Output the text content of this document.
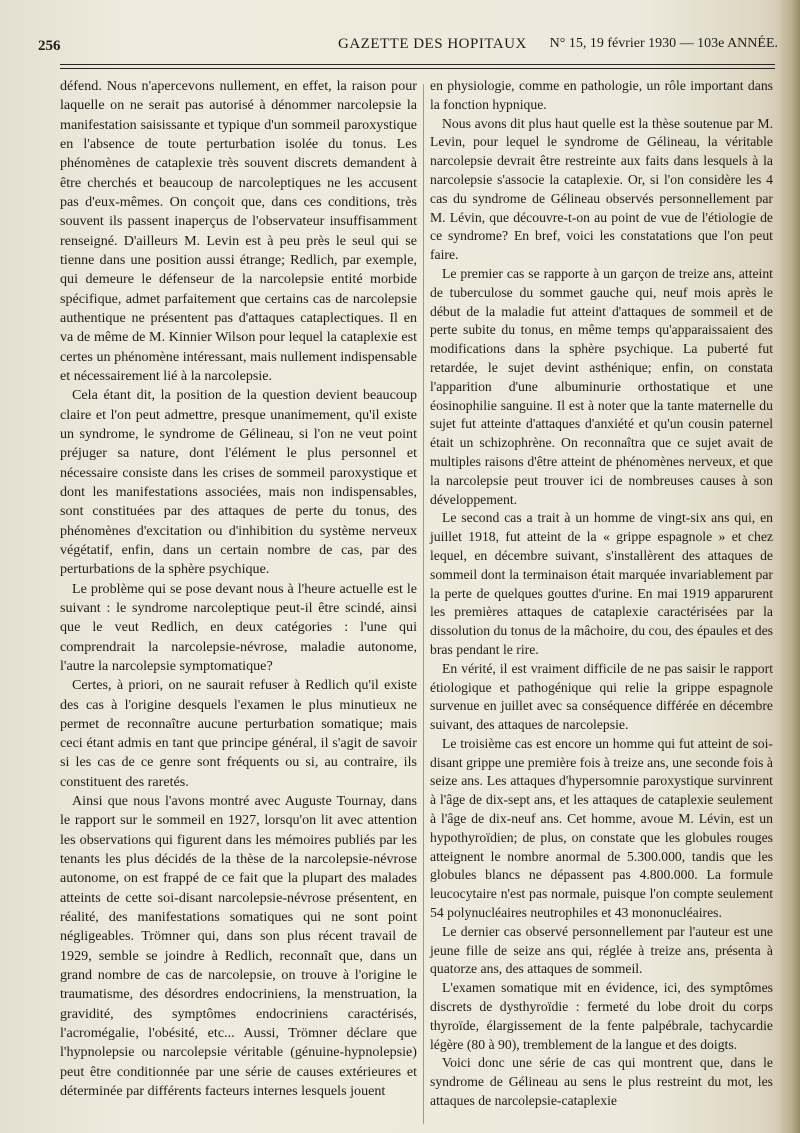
256	GAZETTE DES HOPITAUX N° 15, 19 février 1930 — 103e ANNÉE.

défend. Nous n'apercevons nullement, en effet, la raison pour laquelle on ne serait pas autorisé à dénommer narcolepsie la manifestation saisissante et typique d'un sommeil paroxystique en l'absence de toute perturbation isolée du tonus. Les phénomènes de cataplexie très souvent discrets demandent à être cherchés et beaucoup de narcoleptiques ne les accusent pas d'eux-mêmes. On conçoit que, dans ces conditions, très souvent ils passent inaperçus de l'observateur insuffisamment renseigné. D'ailleurs M. Levin est à peu près le seul qui se tienne dans une position aussi étrange; Redlich, par exemple, qui demeure le défenseur de la narcolepsie entité morbide spécifique, admet parfaitement que certains cas de narcolepsie authentique ne présentent pas d'attaques cataplectiques. Il en va de même de M. Kinnier Wilson pour lequel la cataplexie est certes un phénomène intéressant, mais nullement indispensable et nécessairement lié à la narcolepsie.

Cela étant dit, la position de la question devient beaucoup claire et l'on peut admettre, presque unanimement, qu'il existe un syndrome, le syndrome de Gélineau, si l'on ne veut point préjuger sa nature, dont l'élément le plus personnel et nécessaire consiste dans les crises de sommeil paroxystique et dont les manifestations associées, mais non indispensables, sont constituées par des attaques de perte du tonus, des phénomènes d'excitation ou d'inhibition du système nerveux végétatif, enfin, dans un certain nombre de cas, par des perturbations de la sphère psychique.

Le problème qui se pose devant nous à l'heure actuelle est le suivant : le syndrome narcoleptique peut-il être scindé, ainsi que le veut Redlich, en deux catégories : l'une qui comprendrait la narcolepsie-névrose, maladie autonome, l'autre la narcolepsie symptomatique?

Certes, à priori, on ne saurait refuser à Redlich qu'il existe des cas à l'origine desquels l'examen le plus minutieux ne permet de reconnaître aucune perturbation somatique; mais ceci étant admis en tant que principe général, il s'agit de savoir si les cas de ce genre sont fréquents ou si, au contraire, ils constituent des raretés.

Ainsi que nous l'avons montré avec Auguste Tournay, dans le rapport sur le sommeil en 1927, lorsqu'on lit avec attention les observations qui figurent dans les mémoires publiés par les tenants les plus décidés de la thèse de la narcolepsie-névrose autonome, on est frappé de ce fait que la plupart des malades atteints de cette soi-disant narcolepsie-névrose présentent, en réalité, des manifestations somatiques qui ne sont point négligeables. Trömner qui, dans son plus récent travail de 1929, semble se joindre à Redlich, reconnaît que, dans un grand nombre de cas de narcolepsie, on trouve à l'origine le traumatisme, des désordres endocriniens, la menstruation, la gravidité, des symptômes endocriniens caractérisés, l'acromégalie, l'obésité, etc... Aussi, Trömner déclare que l'hypnolepsie ou narcolepsie véritable (génuine-hypnolepsie) peut être conditionnée par une série de causes extérieures et déterminée par différents facteurs internes lesquels jouent

en physiologie, comme en pathologie, un rôle important dans la fonction hypnique.

Nous avons dit plus haut quelle est la thèse soutenue par M. Levin, pour lequel le syndrome de Gélineau, la véritable narcolepsie devrait être restreinte aux faits dans lesquels à la narcolepsie s'associe la cataplexie. Or, si l'on considère les 4 cas du syndrome de Gélineau observés personnellement par M. Lévin, que découvre-t-on au point de vue de l'étiologie de ce syndrome? En bref, voici les constatations que l'on peut faire.

Le premier cas se rapporte à un garçon de treize ans, atteint de tuberculose du sommet gauche qui, neuf mois après le début de la maladie fut atteint d'attaques de sommeil et de perte subite du tonus, en même temps qu'apparaissaient des modifications dans la sphère psychique. La puberté fut retardée, le sujet devint asthénique; enfin, on constata l'apparition d'une albuminurie orthostatique et une éosinophilie sanguine. Il est à noter que la tante maternelle du sujet fut atteinte d'attaques d'anxiété et qu'un cousin paternel était un schizophrène. On reconnaîtra que ce sujet avait de multiples raisons d'être atteint de phénomènes nerveux, et que la narcolepsie peut trouver ici de nombreuses causes à son développement.

Le second cas a trait à un homme de vingt-six ans qui, en juillet 1918, fut atteint de la « grippe espagnole » et chez lequel, en décembre suivant, s'installèrent des attaques de sommeil dont la terminaison était marquée invariablement par la perte de quelques gouttes d'urine. En mai 1919 apparurent les premières attaques de cataplexie caractérisées par la dissolution du tonus de la mâchoire, du cou, des épaules et des bras pendant le rire.

En vérité, il est vraiment difficile de ne pas saisir le rapport étiologique et pathogénique qui relie la grippe espagnole survenue en juillet avec sa conséquence différée en décembre suivant, des attaques de narcolepsie.

Le troisième cas est encore un homme qui fut atteint de soi-disant grippe une première fois à treize ans, une seconde fois à seize ans. Les attaques d'hypersomnie paroxystique survinrent à l'âge de dix-sept ans, et les attaques de cataplexie seulement à l'âge de dix-neuf ans. Cet homme, avoue M. Lévin, est un hypothyroïdien; de plus, on constate que les globules rouges atteignent le nombre anormal de 5.300.000, tandis que les globules blancs ne dépassent pas 4.800.000. La formule leucocytaire n'est pas normale, puisque l'on compte seulement 54 polynucléaires neutrophiles et 43 mononucléaires.

Le dernier cas observé personnellement par l'auteur est une jeune fille de seize ans qui, réglée à treize ans, présenta à quatorze ans, des attaques de sommeil.

L'examen somatique mit en évidence, ici, des symptômes discrets de dysthyroïdie : fermeté du lobe droit du corps thyroïde, élargissement de la fente palpébrale, tachycardie légère (80 à 90), tremblement de la langue et des doigts.

Voici donc une série de cas qui montrent que, dans le syndrome de Gélineau au sens le plus restreint du mot, les attaques de narcolepsie-cataplexie
